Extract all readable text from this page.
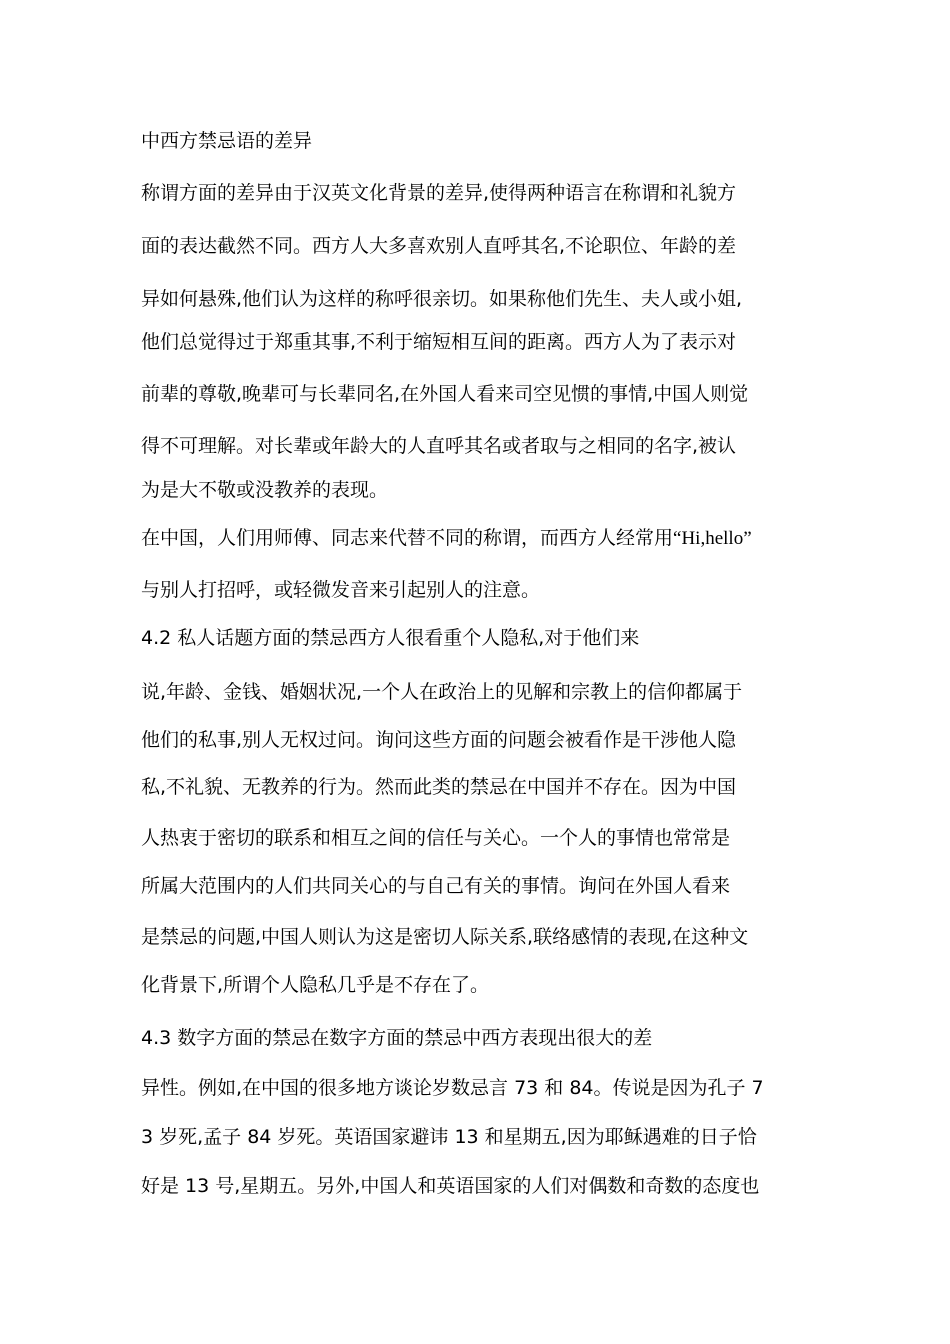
中西方禁忌语的差异
称谓方面的差异由于汉英文化背景的差异,使得两种语言在称谓和礼貌方
面的表达截然不同。西方人大多喜欢别人直呼其名,不论职位、年龄的差
异如何悬殊,他们认为这样的称呼很亲切。如果称他们先生、夫人或小姐,
他们总觉得过于郑重其事,不利于缩短相互间的距离。西方人为了表示对
前辈的尊敬,晚辈可与长辈同名,在外国人看来司空见惯的事情,中国人则觉
得不可理解。对长辈或年龄大的人直呼其名或者取与之相同的名字,被认
为是大不敬或没教养的表现。
在中国，人们用师傅、同志来代替不同的称谓，而西方人经常用“Hi,hello”
与别人打招呼，或轻微发音来引起别人的注意。
4.2 私人话题方面的禁忌西方人很看重个人隐私,对于他们来
说,年龄、金钱、婚姻状况,一个人在政治上的见解和宗教上的信仰都属于
他们的私事,别人无权过问。询问这些方面的问题会被看作是干涉他人隐
私,不礼貌、无教养的行为。然而此类的禁忌在中国并不存在。因为中国
人热衷于密切的联系和相互之间的信任与关心。一个人的事情也常常是
所属大范围内的人们共同关心的与自己有关的事情。询问在外国人看来
是禁忌的问题,中国人则认为这是密切人际关系,联络感情的表现,在这种文
化背景下,所谓个人隐私几乎是不存在了。
4.3 数字方面的禁忌在数字方面的禁忌中西方表现出很大的差
异性。例如,在中国的很多地方谈论岁数忌言 73 和 84。传说是因为孔子 7
3 岁死,孟子 84 岁死。英语国家避讳 13 和星期五,因为耶稣遇难的日子恰
好是 13 号,星期五。另外,中国人和英语国家的人们对偶数和奇数的态度也
